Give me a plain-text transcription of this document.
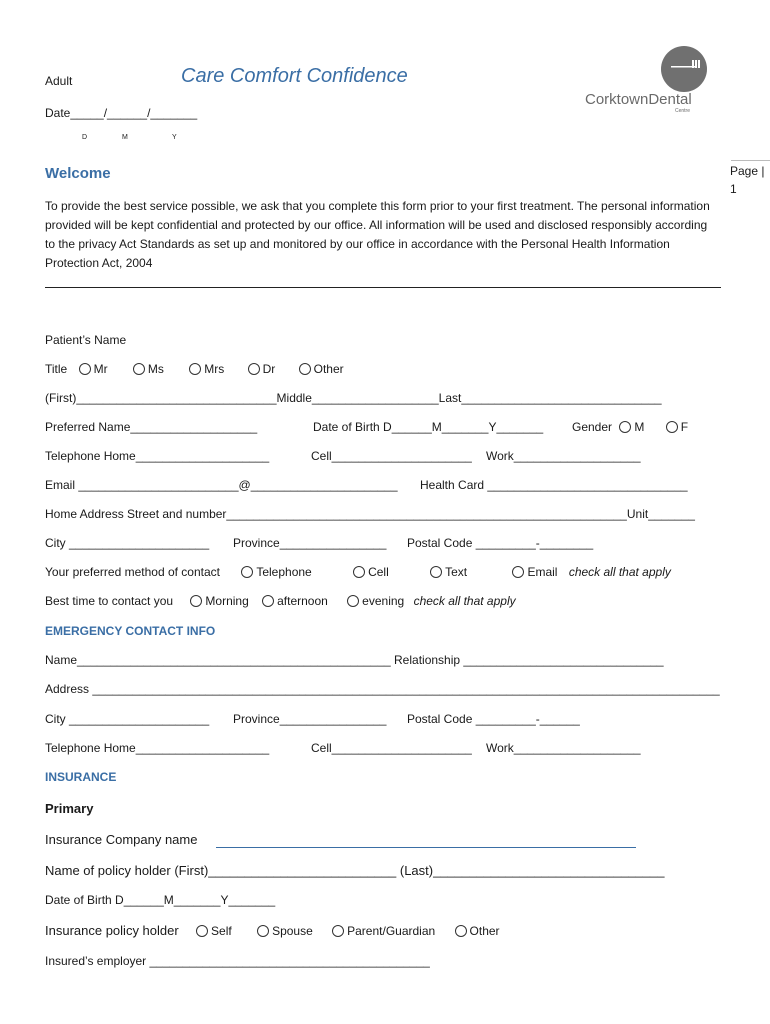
Adult	Care Comfort Confidence
Date_____/______/_______
D	M	Y
CorktownDental
Centre
Page | 1
Welcome
To provide the best service possible, we ask that you complete this form prior to your first treatment. The personal information provided will be kept confidential and protected by our office. All information will be used and disclosed responsibly according to the privacy Act Standards as set up and monitored by our office in accordance with the Personal Health Information Protection Act, 2004
Patient’s Name
Title Mr	Ms	Mrs	Dr	Other
(First)______________________________Middle___________________Last______________________________
Preferred Name___________________	Date of Birth D______M_______Y_______ Gender M	F
Telephone Home____________________	Cell_____________________ Work___________________
Email ________________________@______________________ Health Card ______________________________
Home Address Street and number____________________________________________________________Unit_______
City _____________________ Province________________ Postal Code _________-________
Your preferred method of contact	Telephone	Cell	Text	Email check all that apply
Best time to contact you	Morning afternoon	evening check all that apply
EMERGENCY CONTACT INFO
Name_______________________________________________ Relationship ______________________________
Address ______________________________________________________________________________________________
City _____________________ Province________________ Postal Code _________-______
Telephone Home____________________	Cell_____________________ Work___________________
INSURANCE
Primary
Insurance Company name
Name of policy holder (First)__________________________ (Last)________________________________
Date of Birth D______M_______Y_______
Insurance policy holder	Self	Spouse	Parent/Guardian	Other
Insured’s employer __________________________________________
